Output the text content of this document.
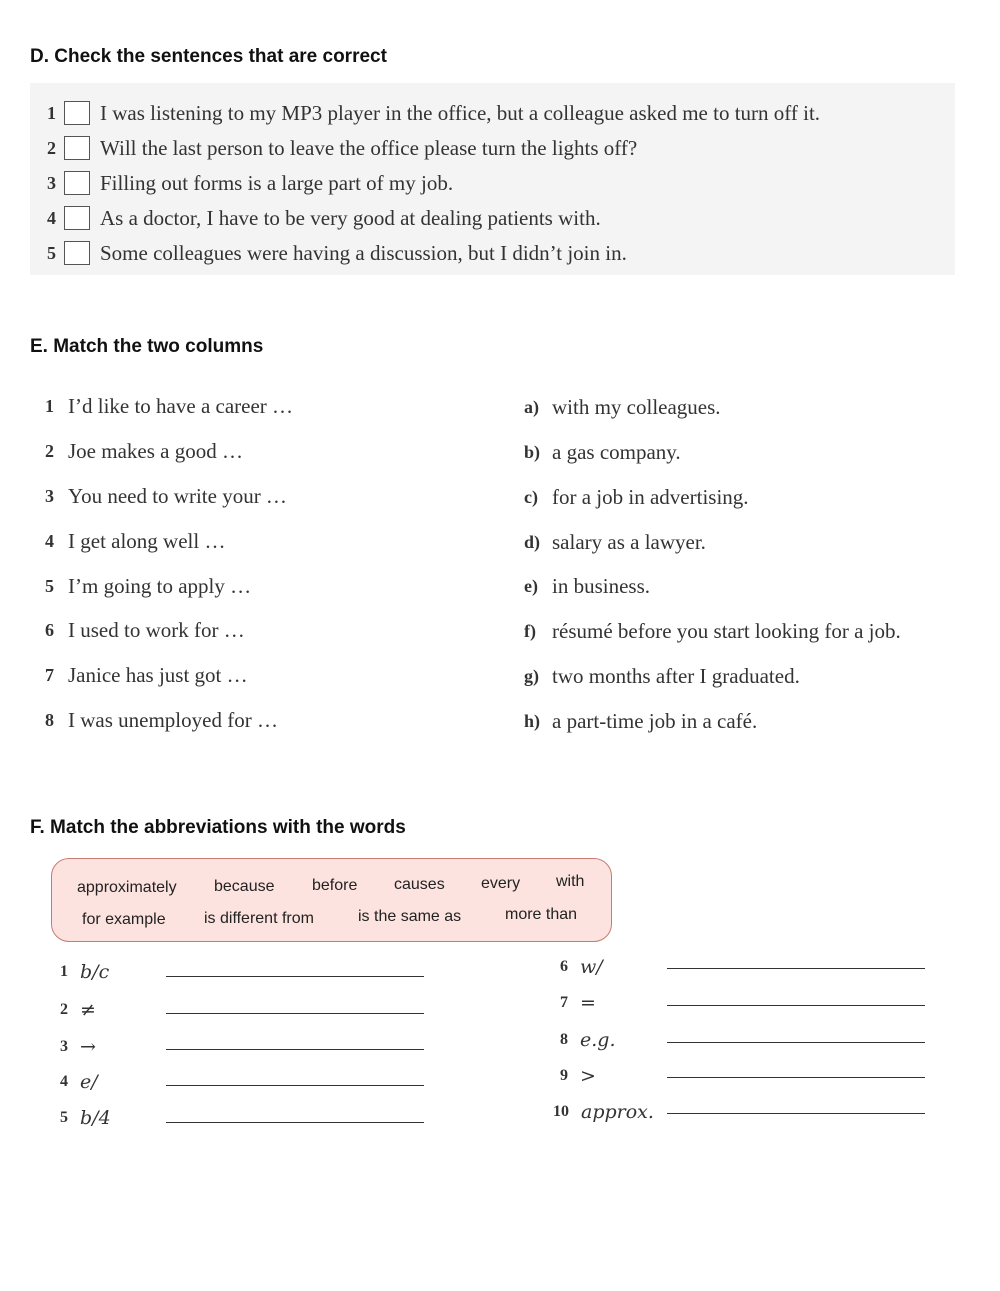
D. Check the sentences that are correct
1 I was listening to my MP3 player in the office, but a colleague asked me to turn off it.
2 Will the last person to leave the office please turn the lights off?
3 Filling out forms is a large part of my job.
4 As a doctor, I have to be very good at dealing patients with.
5 Some colleagues were having a discussion, but I didn’t join in.
E. Match the two columns
1 I’d like to have a career …
2 Joe makes a good …
3 You need to write your …
4 I get along well …
5 I’m going to apply …
6 I used to work for …
7 Janice has just got …
8 I was unemployed for …
a) with my colleagues.
b) a gas company.
c) for a job in advertising.
d) salary as a lawyer.
e) in business.
f) résumé before you start looking for a job.
g) two months after I graduated.
h) a part-time job in a café.
F. Match the abbreviations with the words
approximately because before causes every with
for example is different from	is the same as	more than
1 b/c
2 ≠
3 →
4 e/
5 b/4
6 w/
7 =
8 e.g.
9 >
10 approx.
